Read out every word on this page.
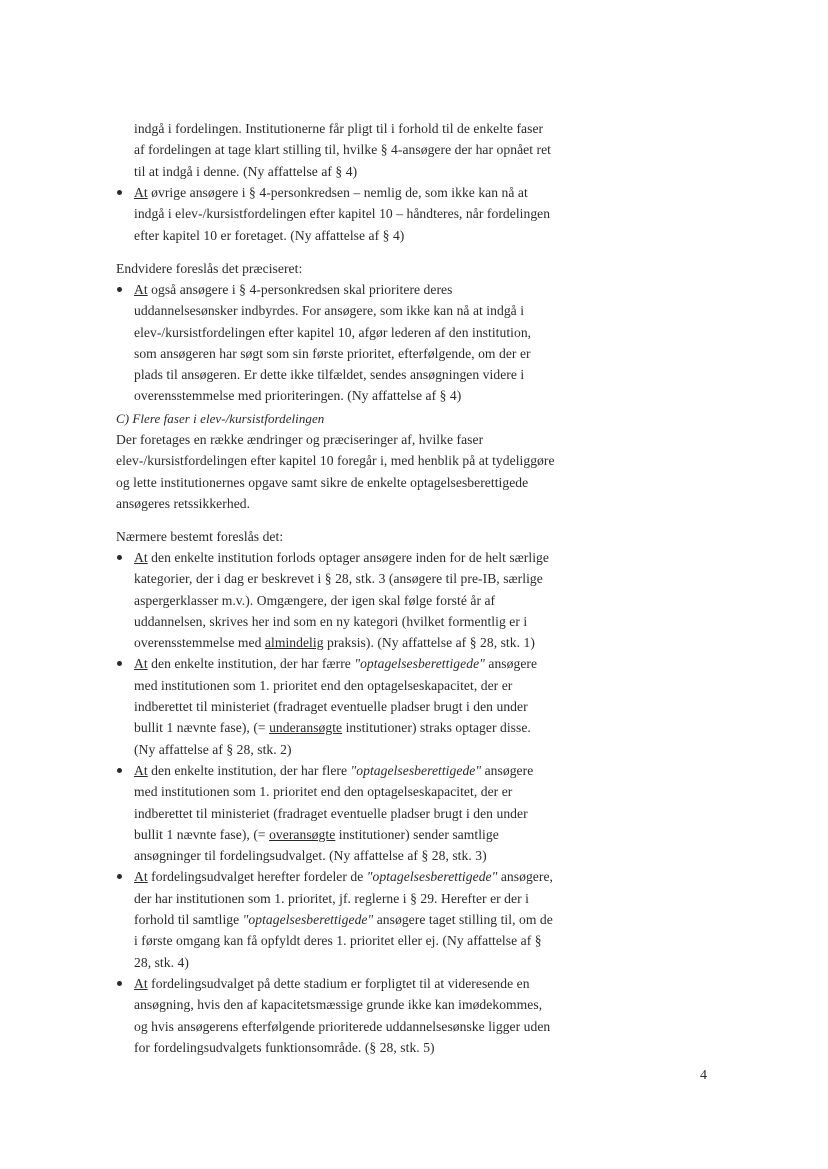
indgå i fordelingen. Institutionerne får pligt til i forhold til de enkelte faser af fordelingen at tage klart stilling til, hvilke § 4-ansøgere der har opnået ret til at indgå i denne. (Ny affattelse af § 4)

At øvrige ansøgere i § 4-personkredsen – nemlig de, som ikke kan nå at indgå i elev-/kursistfordelingen efter kapitel 10 – håndteres, når fordelingen efter kapitel 10 er foretaget. (Ny affattelse af § 4)

Endvidere foreslås det præciseret:

At også ansøgere i § 4-personkredsen skal prioritere deres uddannelsesønsker indbyrdes. For ansøgere, som ikke kan nå at indgå i elev-/kursistfordelingen efter kapitel 10, afgør lederen af den institution, som ansøgeren har søgt som sin første prioritet, efterfølgende, om der er plads til ansøgeren. Er dette ikke tilfældet, sendes ansøgningen videre i overensstemmelse med prioriteringen. (Ny affattelse af § 4)

C) Flere faser i elev-/kursistfordelingen

Der foretages en række ændringer og præciseringer af, hvilke faser elev-/kursistfordelingen efter kapitel 10 foregår i, med henblik på at tydeliggøre og lette institutionernes opgave samt sikre de enkelte optagelsesberettigede ansøgeres retssikkerhed.

Nærmere bestemt foreslås det:

At den enkelte institution forlods optager ansøgere inden for de helt særlige kategorier, der i dag er beskrevet i § 28, stk. 3 (ansøgere til pre-IB, særlige aspergerklasser m.v.). Omgængere, der igen skal følge forsté år af uddannelsen, skrives her ind som en ny kategori (hvilket formentlig er i overensstemmelse med almindelig praksis). (Ny affattelse af § 28, stk. 1)
At den enkelte institution, der har færre "optagelsesberettigede" ansøgere med institutionen som 1. prioritet end den optagelseskapacitet, der er indberettet til ministeriet (fradraget eventuelle pladser brugt i den under bullit 1 nævnte fase), (= underansøgte institutioner) straks optager disse. (Ny affattelse af § 28, stk. 2)
At den enkelte institution, der har flere "optagelsesberettigede" ansøgere med institutionen som 1. prioritet end den optagelseskapacitet, der er indberettet til ministeriet (fradraget eventuelle pladser brugt i den under bullit 1 nævnte fase), (= overansøgte institutioner) sender samtlige ansøgninger til fordelingsudvalget. (Ny affattelse af § 28, stk. 3)
At fordelingsudvalget herefter fordeler de "optagelsesberettigede" ansøgere, der har institutionen som 1. prioritet, jf. reglerne i § 29. Herefter er der i forhold til samtlige "optagelsesberettigede" ansøgere taget stilling til, om de i første omgang kan få opfyldt deres 1. prioritet eller ej. (Ny affattelse af § 28, stk. 4)
At fordelingsudvalget på dette stadium er forpligtet til at videresende en ansøgning, hvis den af kapacitetsmæssige grunde ikke kan imødekommes, og hvis ansøgerens efterfølgende prioriterede uddannelsesønske ligger uden for fordelingsudvalgets funktionsområde. (§ 28, stk. 5)
4
